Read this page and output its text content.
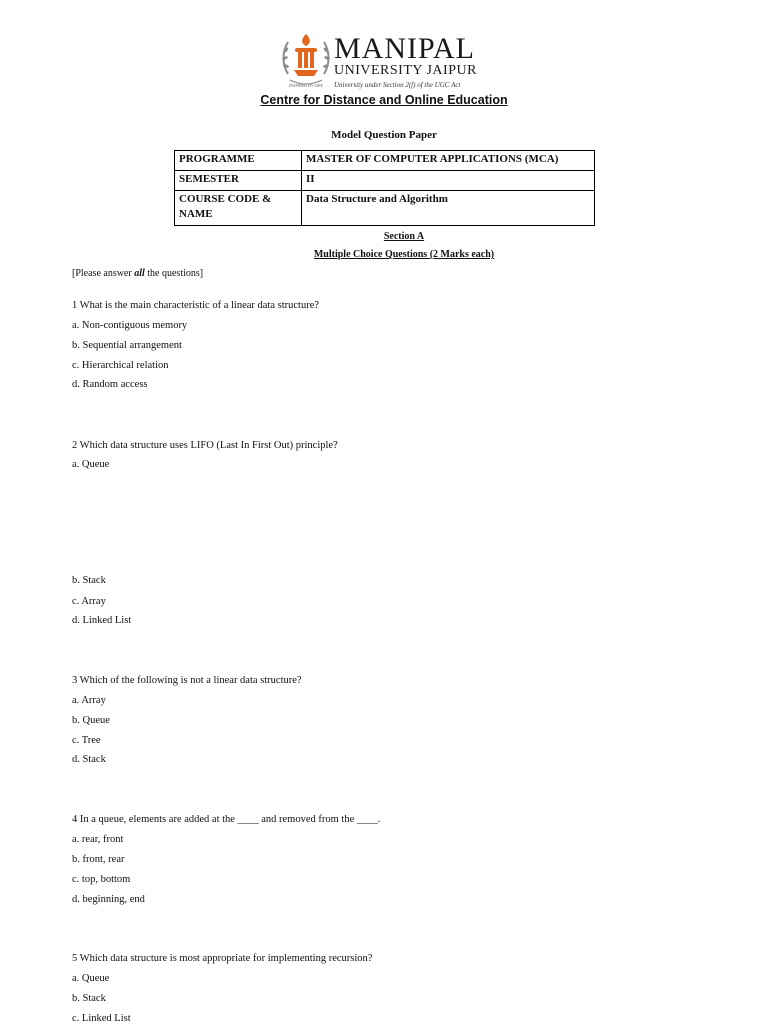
INSPIRED BY LIFE
MANIPAL
UNIVERSITY JAIPUR
University under Section 2(f) of the UGC Act
Centre for Distance and Online Education
Model Question Paper
PROGRAMME	MASTER OF COMPUTER APPLICATIONS (MCA)
SEMESTER	II
COURSE CODE & NAME	Data Structure and Algorithm
Section A
Multiple Choice Questions (2 Marks each)
[Please answer all the questions]
1 What is the main characteristic of a linear data structure?
a. Non-contiguous memory
b. Sequential arrangement
c. Hierarchical relation
d. Random access
2 Which data structure uses LIFO (Last In First Out) principle?
a. Queue
b. Stack
c. Array
d. Linked List
3 Which of the following is not a linear data structure?
a. Array
b. Queue
c. Tree
d. Stack
4 In a queue, elements are added at the ____ and removed from the ____.
a. rear, front
b. front, rear
c. top, bottom
d. beginning, end
5 Which data structure is most appropriate for implementing recursion?
a. Queue
b. Stack
c. Linked List
